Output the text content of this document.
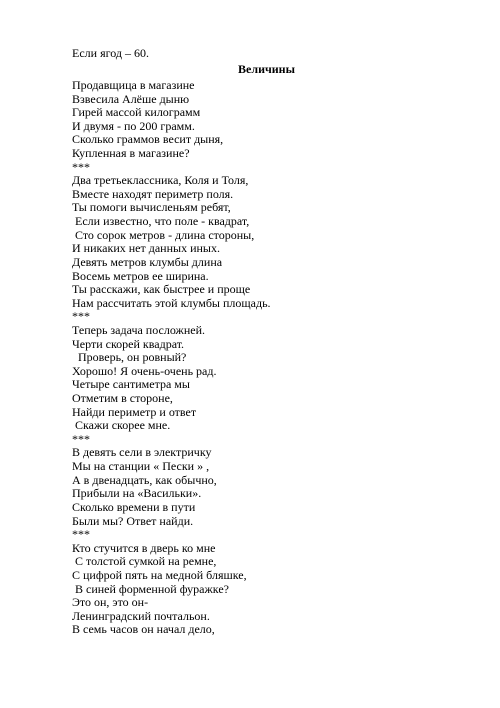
Если ягод – 60.
Величины
Продавщица в магазине
Взвесила Алёше дыню
Гирей массой килограмм
И двумя - по 200 грамм.
Сколько граммов весит дыня,
Купленная в магазине?
***
Два третьеклассника, Коля и Толя,
Вместе находят периметр поля.
Ты помоги вычисленьям ребят,
Если известно, что поле - квадрат,
Сто сорок метров - длина стороны,
И никаких нет данных иных.
Девять метров клумбы длина
Восемь метров ее ширина.
Ты расскажи, как быстрее и проще
Нам рассчитать этой клумбы площадь.
***
Теперь задача посложней.
Черти скорей квадрат.
Проверь, он ровный?
Хорошо! Я очень-очень рад.
Четыре сантиметра мы
Отметим в стороне,
Найди периметр и ответ
Скажи скорее мне.
***
В девять сели в электричку
Мы на станции « Пески » ,
А в двенадцать, как обычно,
Прибыли на «Васильки».
Сколько времени в пути
Были мы? Ответ найди.
***
Кто стучится в дверь ко мне
С толстой сумкой на ремне,
С цифрой пять на медной бляшке,
В синей форменной фуражке?
Это он, это он-
Ленинградский почтальон.
В семь часов он начал дело,
